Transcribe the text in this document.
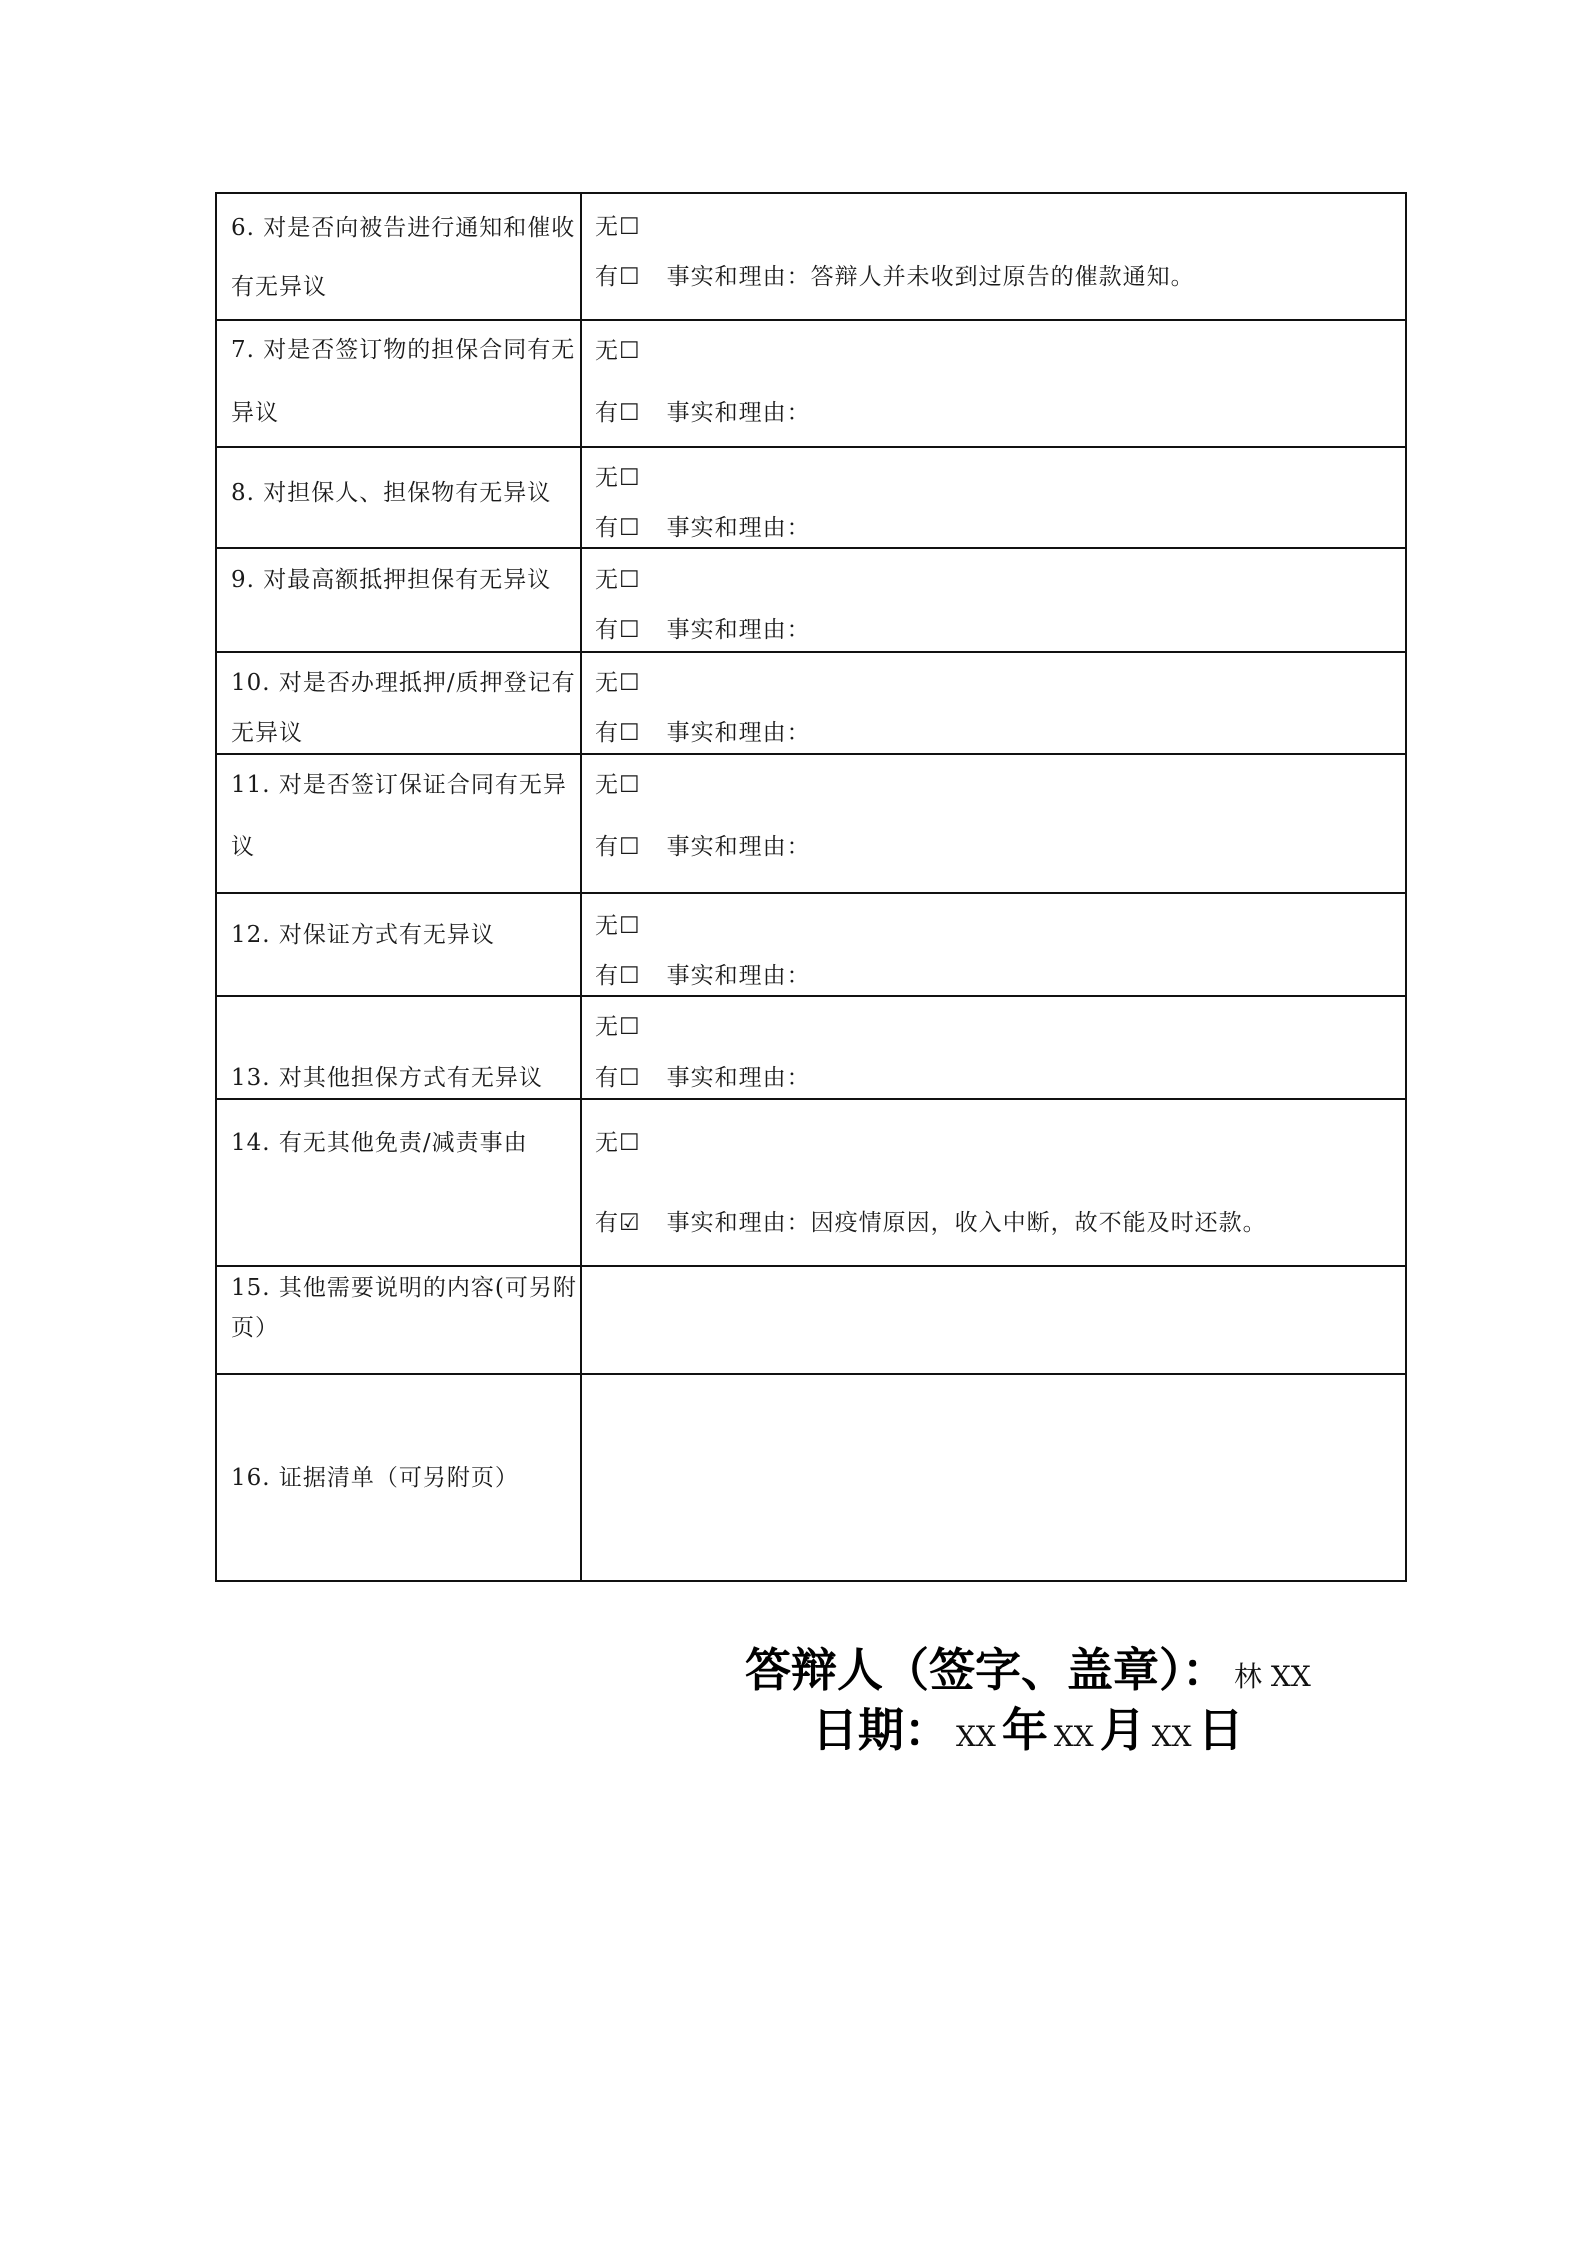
6. 对是否向被告进行通知和催收
有无异议
无☐
有☐ 事实和理由：答辩人并未收到过原告的催款通知。
7. 对是否签订物的担保合同有无
异议
无☐
有☐ 事实和理由：
8. 对担保人、担保物有无异议
无☐
有☐ 事实和理由：
9. 对最高额抵押担保有无异议 无☐
有☐ 事实和理由：
10. 对是否办理抵押/质押登记有
无异议
无☐
有☐ 事实和理由：
11. 对是否签订保证合同有无异
议
无☐
有☐ 事实和理由：
12. 对保证方式有无异议	无☐
有☐ 事实和理由：
13. 对其他担保方式有无异议
无☐
有☐ 事实和理由：
14. 有无其他免责/减责事由	无☐
有☑ 事实和理由：因疫情原因，收入中断，故不能及时还款。
15. 其他需要说明的内容(可另附
页）
16. 证据清单（可另附页）
答辩人（签字、盖章）： 林 XX
日期： XX 年 XX 月 XX 日
